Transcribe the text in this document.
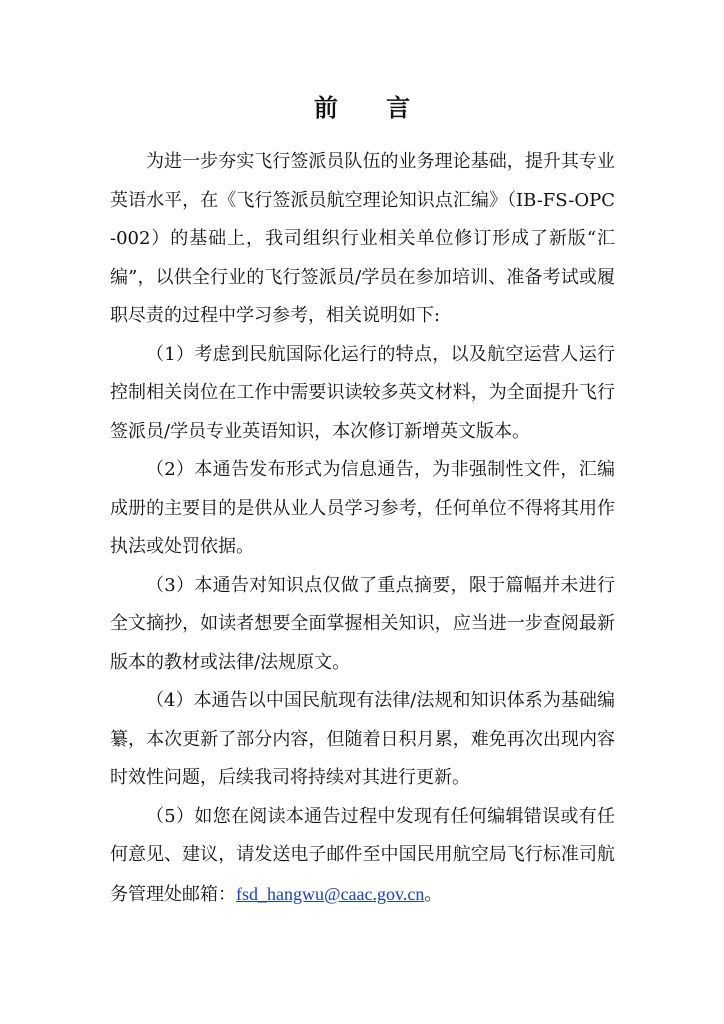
前 言

为进一步夯实飞行签派员队伍的业务理论基础，提升其专业英语水平，在《飞行签派员航空理论知识点汇编》（IB-FS-OPC-002）的基础上，我司组织行业相关单位修订形成了新版“汇编”，以供全行业的飞行签派员/学员在参加培训、准备考试或履职尽责的过程中学习参考，相关说明如下:

（1）考虑到民航国际化运行的特点，以及航空运营人运行控制相关岗位在工作中需要识读较多英文材料，为全面提升飞行签派员/学员专业英语知识，本次修订新增英文版本。

（2）本通告发布形式为信息通告，为非强制性文件，汇编成册的主要目的是供从业人员学习参考，任何单位不得将其用作执法或处罚依据。

（3）本通告对知识点仅做了重点摘要，限于篇幅并未进行全文摘抄，如读者想要全面掌握相关知识，应当进一步查阅最新版本的教材或法律/法规原文。

（4）本通告以中国民航现有法律/法规和知识体系为基础编纂，本次更新了部分内容，但随着日积月累，难免再次出现内容时效性问题，后续我司将持续对其进行更新。

（5）如您在阅读本通告过程中发现有任何编辑错误或有任何意见、建议，请发送电子邮件至中国民用航空局飞行标准司航务管理处邮箱：fsd_hangwu@caac.gov.cn。
